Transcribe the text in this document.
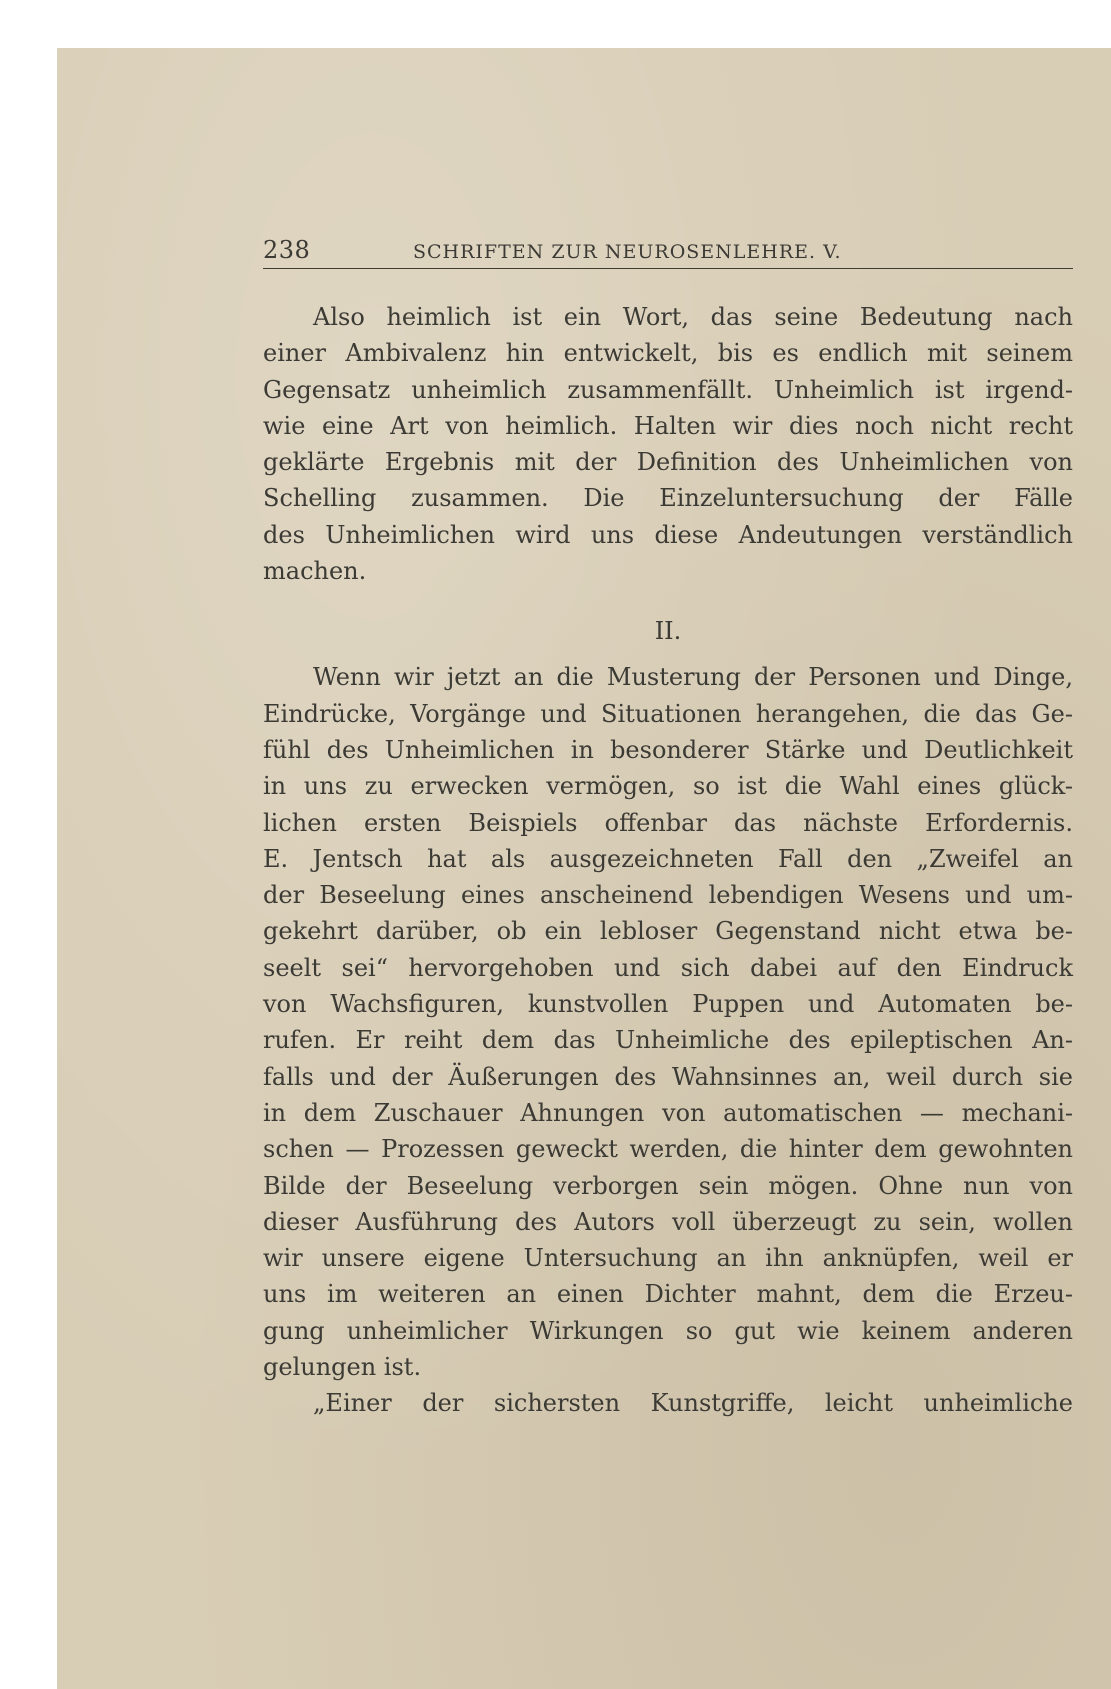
238	SCHRIFTEN ZUR NEUROSENLEHRE. V.
Also heimlich ist ein Wort, das seine Bedeutung nach
einer Ambivalenz hin entwickelt, bis es endlich mit seinem
Gegensatz unheimlich zusammenfällt. Unheimlich ist irgend-
wie eine Art von heimlich. Halten wir dies noch nicht recht
geklärte Ergebnis mit der Definition des Unheimlichen von
Schelling zusammen. Die Einzeluntersuchung der Fälle
des Unheimlichen wird uns diese Andeutungen verständlich
machen.
II.
Wenn wir jetzt an die Musterung der Personen und Dinge,
Eindrücke, Vorgänge und Situationen herangehen, die das Ge-
fühl des Unheimlichen in besonderer Stärke und Deutlichkeit
in uns zu erwecken vermögen, so ist die Wahl eines glück-
lichen ersten Beispiels offenbar das nächste Erfordernis.
E. Jentsch hat als ausgezeichneten Fall den „Zweifel an
der Beseelung eines anscheinend lebendigen Wesens und um-
gekehrt darüber, ob ein lebloser Gegenstand nicht etwa be-
seelt sei“ hervorgehoben und sich dabei auf den Eindruck
von Wachsfiguren, kunstvollen Puppen und Automaten be-
rufen. Er reiht dem das Unheimliche des epileptischen An-
falls und der Äußerungen des Wahnsinnes an, weil durch sie
in dem Zuschauer Ahnungen von automatischen — mechani-
schen — Prozessen geweckt werden, die hinter dem gewohnten
Bilde der Beseelung verborgen sein mögen. Ohne nun von
dieser Ausführung des Autors voll überzeugt zu sein, wollen
wir unsere eigene Untersuchung an ihn anknüpfen, weil er
uns im weiteren an einen Dichter mahnt, dem die Erzeu-
gung unheimlicher Wirkungen so gut wie keinem anderen
gelungen ist.
„Einer der sichersten Kunstgriffe, leicht unheimliche
